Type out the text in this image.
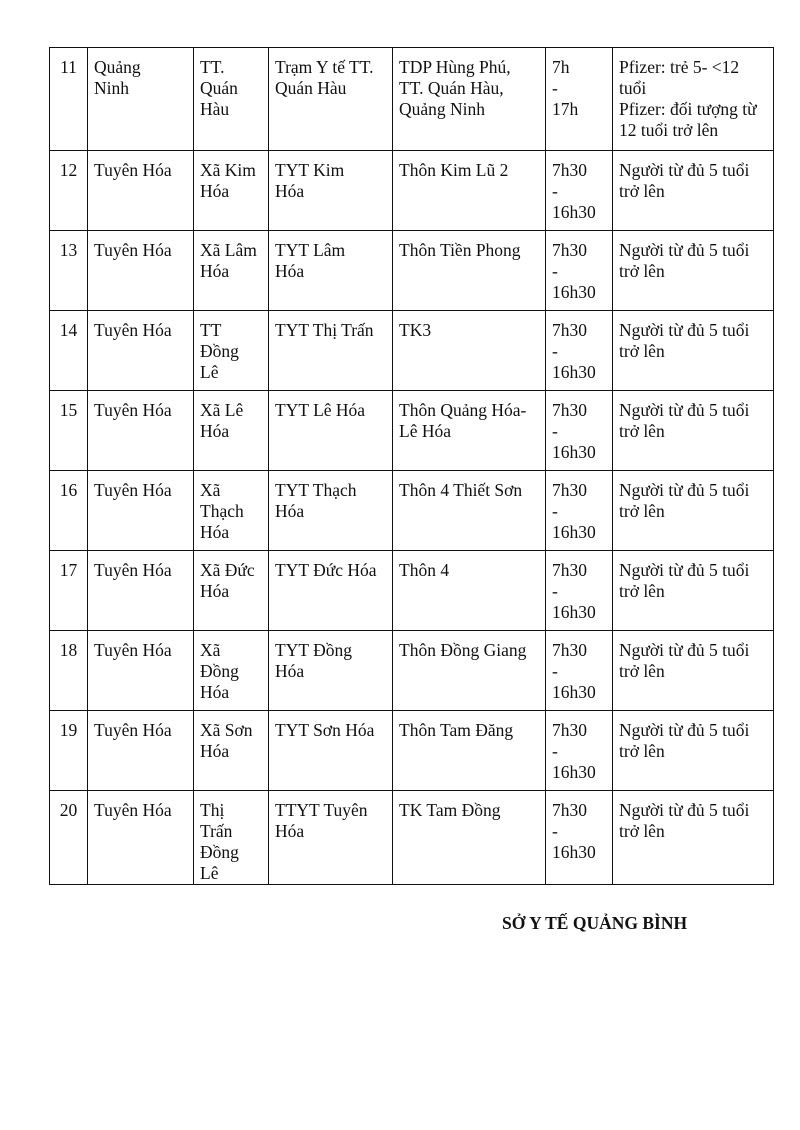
11	Quảng
Ninh	TT.
Quán
Hàu	Trạm Y tế TT.
Quán Hàu	TDP Hùng Phú,
TT. Quán Hàu,
Quảng Ninh	7h
-
17h	Pfizer: trẻ 5- <12
tuổi
Pfizer: đối tượng từ
12 tuổi trở lên

12	Tuyên Hóa	Xã Kim
Hóa	TYT Kim
Hóa	Thôn Kim Lũ 2	7h30
-
16h30	Người từ đủ 5 tuổi
trở lên

13	Tuyên Hóa	Xã Lâm
Hóa	TYT Lâm
Hóa	Thôn Tiền Phong	7h30
-
16h30	Người từ đủ 5 tuổi
trở lên

14	Tuyên Hóa	TT
Đồng
Lê	TYT Thị Trấn	TK3	7h30
-
16h30	Người từ đủ 5 tuổi
trở lên

15	Tuyên Hóa	Xã Lê
Hóa	TYT Lê Hóa	Thôn Quảng Hóa-
Lê Hóa	7h30
-
16h30	Người từ đủ 5 tuổi
trở lên

16	Tuyên Hóa	Xã
Thạch
Hóa	TYT Thạch
Hóa	Thôn 4 Thiết Sơn	7h30
-
16h30	Người từ đủ 5 tuổi
trở lên

17	Tuyên Hóa	Xã Đức
Hóa	TYT Đức Hóa	Thôn 4	7h30
-
16h30	Người từ đủ 5 tuổi
trở lên

18	Tuyên Hóa	Xã
Đồng
Hóa	TYT Đồng
Hóa	Thôn Đồng Giang	7h30
-
16h30	Người từ đủ 5 tuổi
trở lên

19	Tuyên Hóa	Xã Sơn
Hóa	TYT Sơn Hóa	Thôn Tam Đăng	7h30
-
16h30	Người từ đủ 5 tuổi
trở lên

20	Tuyên Hóa	Thị
Trấn
Đồng
Lê	TTYT Tuyên
Hóa	TK Tam Đồng	7h30
-
16h30	Người từ đủ 5 tuổi
trở lên
SỞ Y TẾ QUẢNG BÌNH
